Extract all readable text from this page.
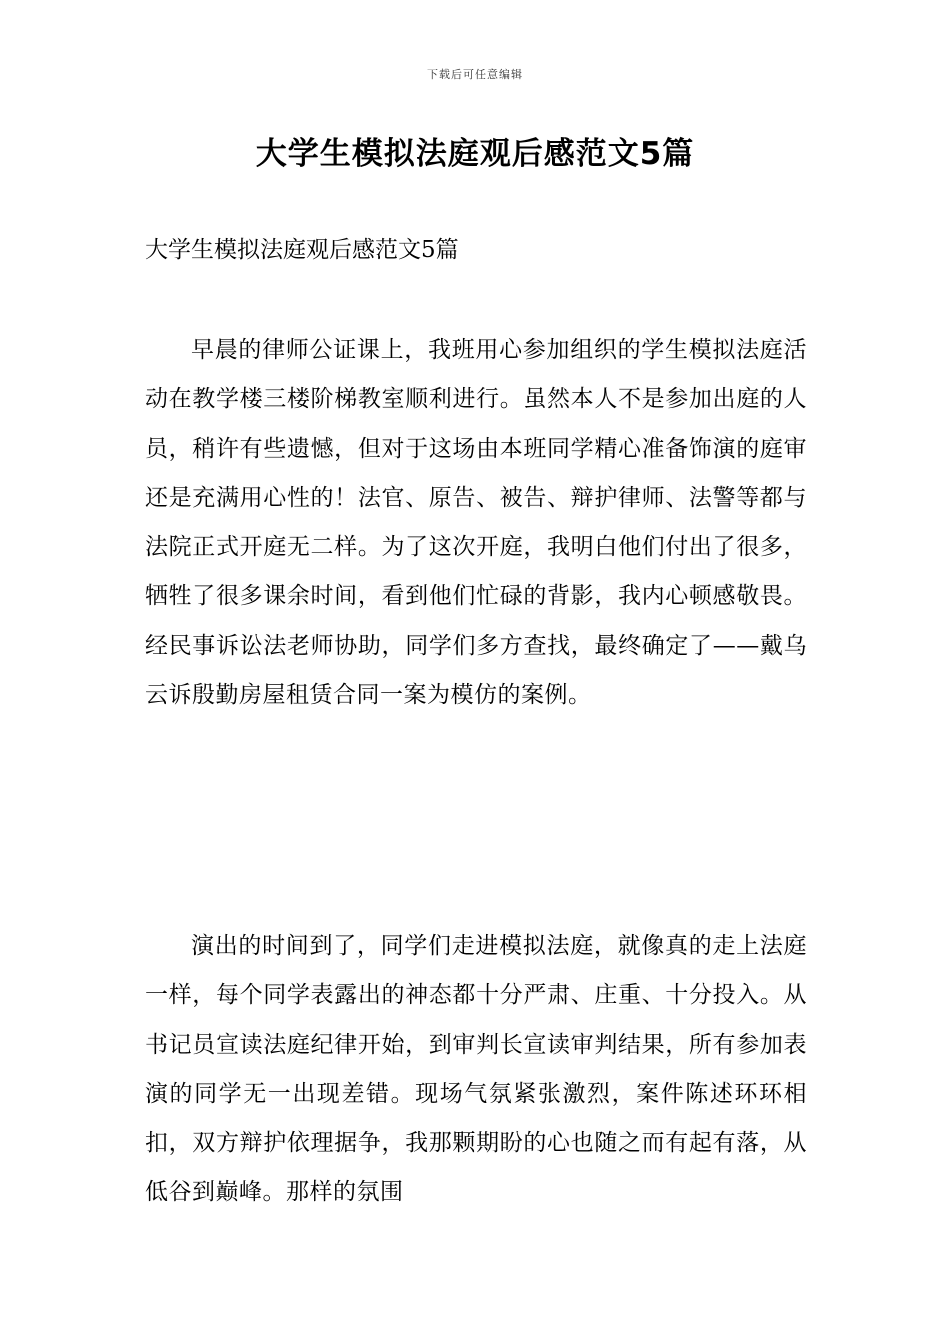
下载后可任意编辑
大学生模拟法庭观后感范文5篇

大学生模拟法庭观后感范文5篇

早晨的律师公证课上，我班用心参加组织的学生模拟法庭活动在教学楼三楼阶梯教室顺利进行。虽然本人不是参加出庭的人员，稍许有些遗憾，但对于这场由本班同学精心准备饰演的庭审还是充满用心性的！法官、原告、被告、辩护律师、法警等都与法院正式开庭无二样。为了这次开庭，我明白他们付出了很多，牺牲了很多课余时间，看到他们忙碌的背影，我内心顿感敬畏。经民事诉讼法老师协助，同学们多方查找，最终确定了——戴乌云诉殷勤房屋租赁合同一案为模仿的案例。

演出的时间到了，同学们走进模拟法庭，就像真的走上法庭一样，每个同学表露出的神态都十分严肃、庄重、十分投入。从书记员宣读法庭纪律开始，到审判长宣读审判结果，所有参加表演的同学无一出现差错。现场气氛紧张激烈，案件陈述环环相扣，双方辩护依理据争，我那颗期盼的心也随之而有起有落，从低谷到巅峰。那样的氛围
